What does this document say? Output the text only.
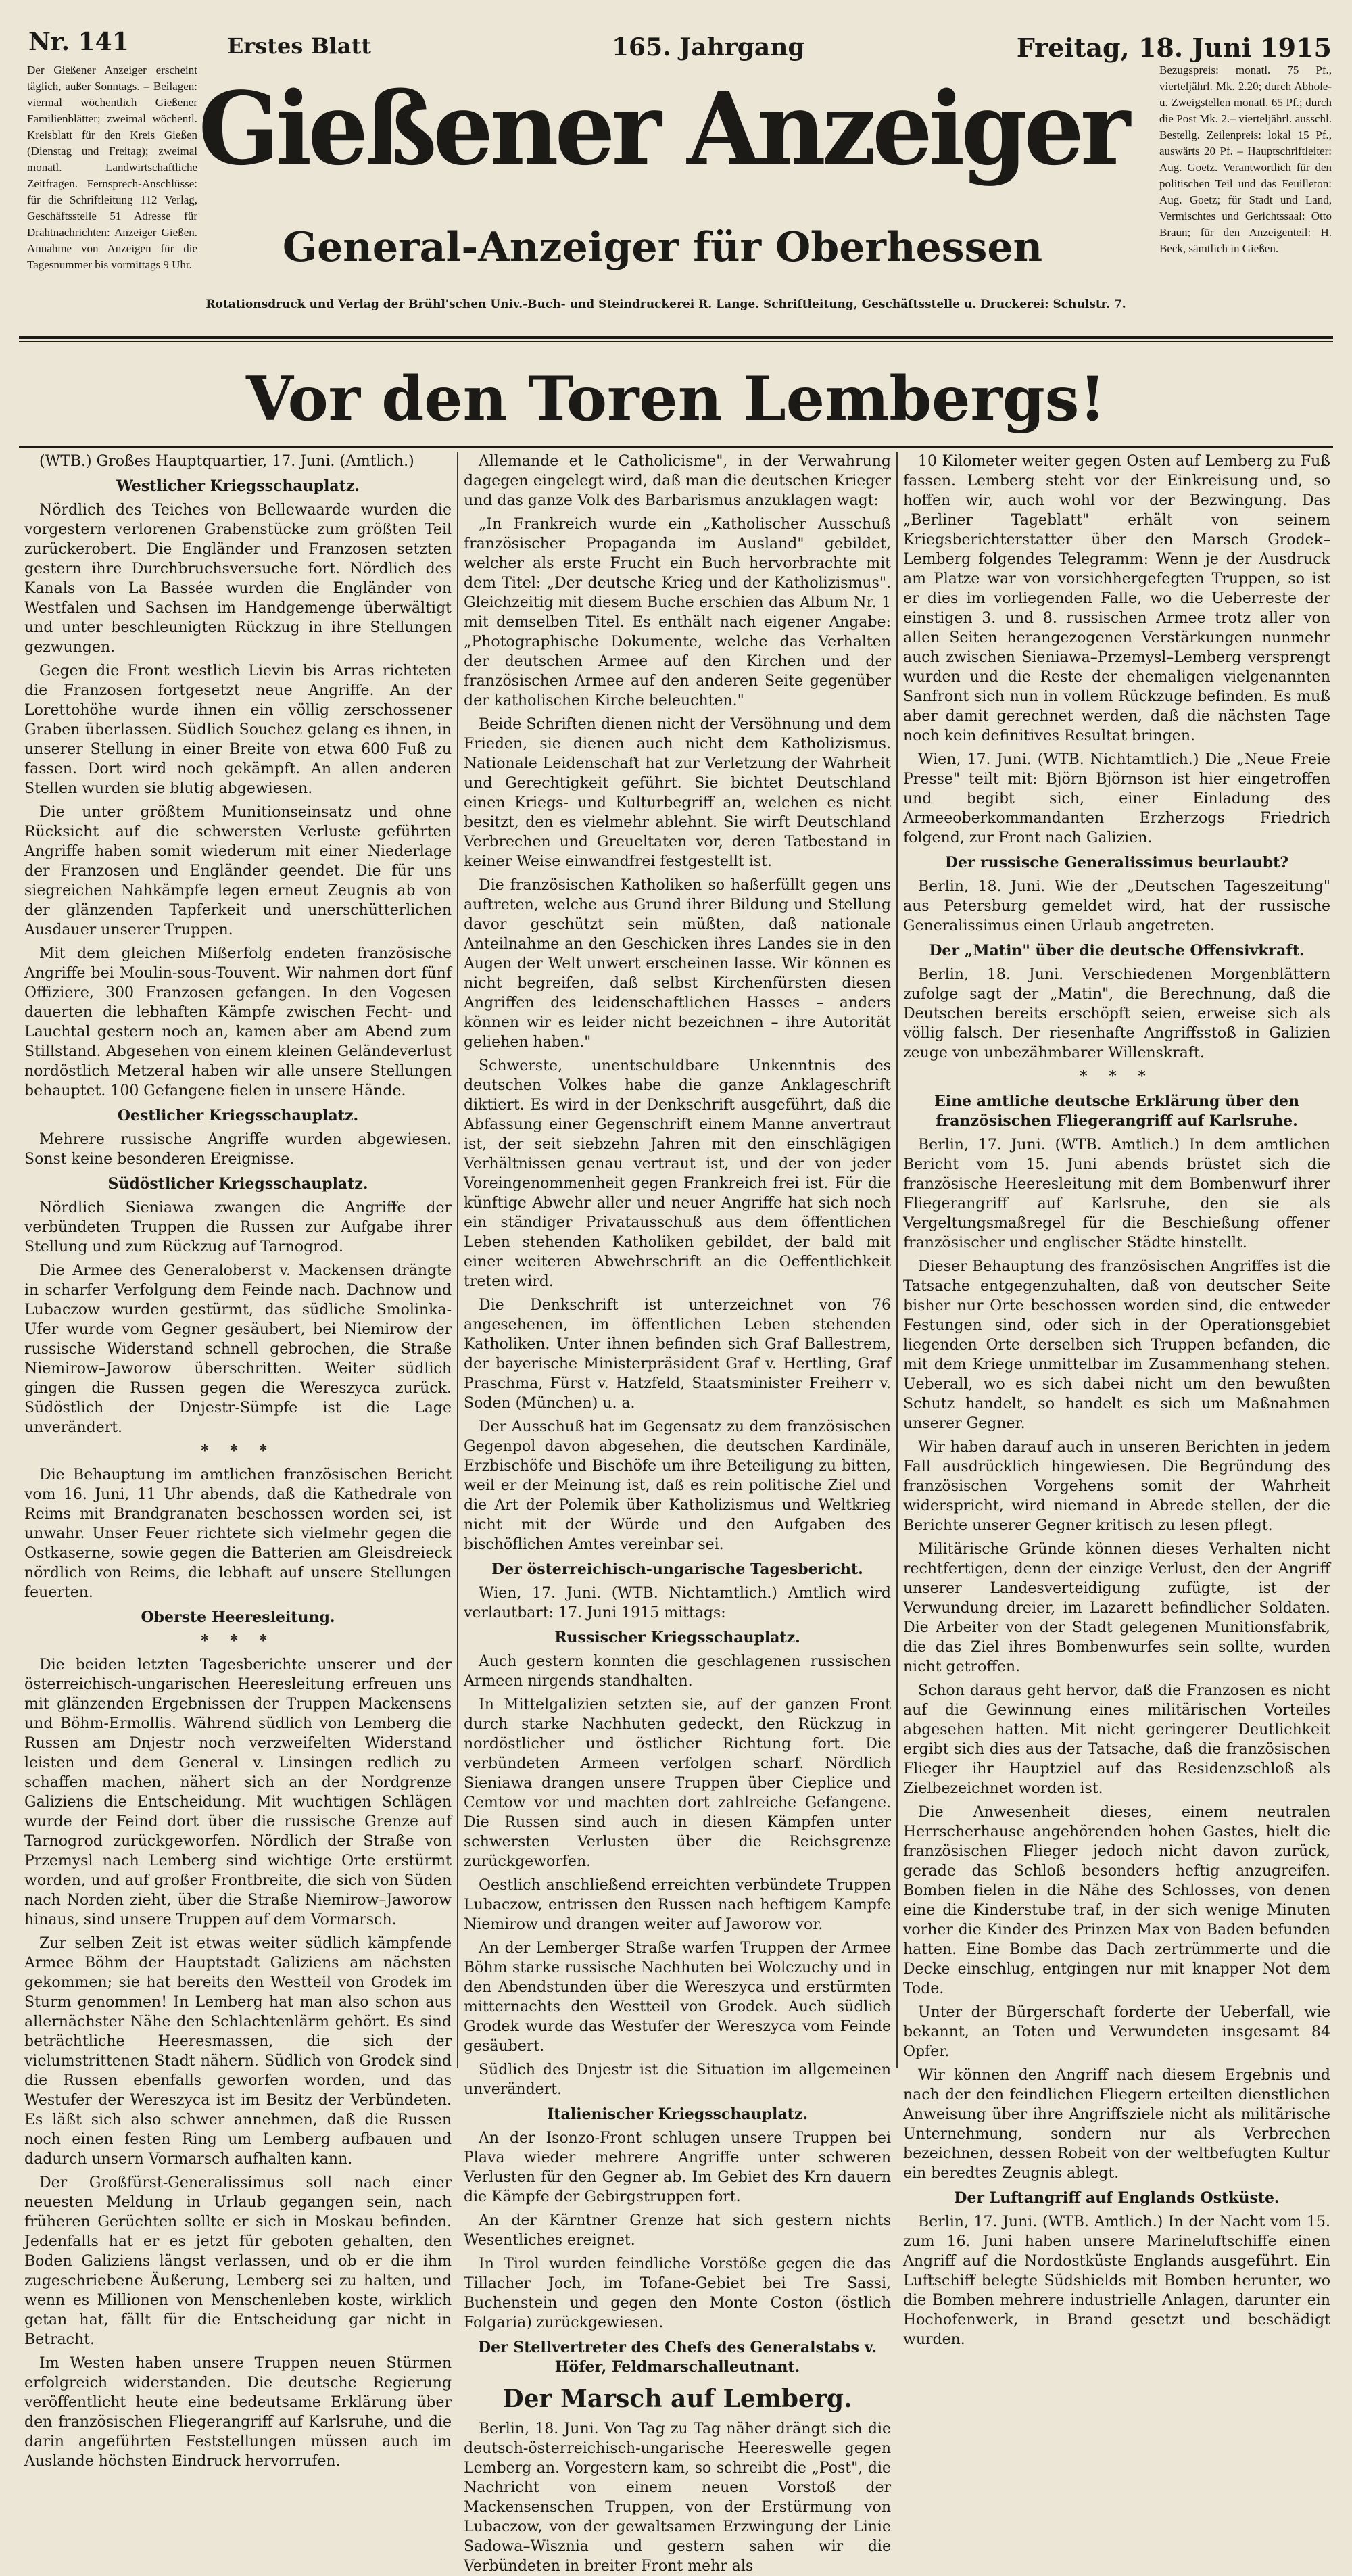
Nr. 141	Erstes Blatt	165. Jahrgang	Freitag, 18. Juni 1915
Der Gießener Anzeiger erscheint täglich, außer Sonntags. – Beilagen: viermal wöchentlich Gießener Familienblätter; zweimal wöchentl. Kreisblatt für den Kreis Gießen (Dienstag und Freitag); zweimal monatl. Landwirtschaftliche Zeitfragen. Fernsprech-Anschlüsse: für die Schriftleitung 112 Verlag, Geschäftsstelle 51 Adresse für Drahtnachrichten: Anzeiger Gießen. Annahme von Anzeigen für die Tagesnummer bis vormittags 9 Uhr.
Gießener Anzeiger
General-Anzeiger für Oberhessen
Bezugspreis: monatl. 75 Pf., vierteljährl. Mk. 2.20; durch Abhole- u. Zweigstellen monatl. 65 Pf.; durch die Post Mk. 2.– vierteljährl. ausschl. Bestellg. Zeilenpreis: lokal 15 Pf., auswärts 20 Pf. – Hauptschriftleiter: Aug. Goetz. Verantwortlich für den politischen Teil und das Feuilleton: Aug. Goetz; für Stadt und Land, Vermischtes und Gerichtssaal: Otto Braun; für den Anzeigenteil: H. Beck, sämtlich in Gießen.
Rotationsdruck und Verlag der Brühl'schen Univ.-Buch- und Steindruckerei R. Lange. Schriftleitung, Geschäftsstelle u. Druckerei: Schulstr. 7.
Vor den Toren Lembergs!

(WTB.) Großes Hauptquartier, 17. Juni. (Amtlich.)

Westlicher Kriegsschauplatz.

Nördlich des Teiches von Bellewaarde wurden die vorgestern verlorenen Grabenstücke zum größten Teil zurückerobert. Die Engländer und Franzosen setzten gestern ihre Durchbruchsversuche fort. Nördlich des Kanals von La Bassée wurden die Engländer von Westfalen und Sachsen im Handgemenge überwältigt und unter beschleunigten Rückzug in ihre Stellungen gezwungen.

Gegen die Front westlich Lievin bis Arras richteten die Franzosen fortgesetzt neue Angriffe. An der Lorettohöhe wurde ihnen ein völlig zerschossener Graben überlassen. Südlich Souchez gelang es ihnen, in unserer Stellung in einer Breite von etwa 600 Fuß zu fassen. Dort wird noch gekämpft. An allen anderen Stellen wurden sie blutig abgewiesen.

Die unter größtem Munitionseinsatz und ohne Rücksicht auf die schwersten Verluste geführten Angriffe haben somit wiederum mit einer Niederlage der Franzosen und Engländer geendet. Die für uns siegreichen Nahkämpfe legen erneut Zeugnis ab von der glänzenden Tapferkeit und unerschütterlichen Ausdauer unserer Truppen.

Mit dem gleichen Mißerfolg endeten französische Angriffe bei Moulin-sous-Touvent. Wir nahmen dort fünf Offiziere, 300 Franzosen gefangen. In den Vogesen dauerten die lebhaften Kämpfe zwischen Fecht- und Lauchtal gestern noch an, kamen aber am Abend zum Stillstand. Abgesehen von einem kleinen Geländeverlust nordöstlich Metzeral haben wir alle unsere Stellungen behauptet. 100 Gefangene fielen in unsere Hände.

Oestlicher Kriegsschauplatz.

Mehrere russische Angriffe wurden abgewiesen. Sonst keine besonderen Ereignisse.

Südöstlicher Kriegsschauplatz.

Nördlich Sieniawa zwangen die Angriffe der verbündeten Truppen die Russen zur Aufgabe ihrer Stellung und zum Rückzug auf Tarnogrod.

Die Armee des Generaloberst v. Mackensen drängte in scharfer Verfolgung dem Feinde nach. Dachnow und Lubaczow wurden gestürmt, das südliche Smolinka-Ufer wurde vom Gegner gesäubert, bei Niemirow der russische Widerstand schnell gebrochen, die Straße Niemirow–Jaworow überschritten. Weiter südlich gingen die Russen gegen die Wereszyca zurück. Südöstlich der Dnjestr-Sümpfe ist die Lage unverändert.

* * *

Die Behauptung im amtlichen französischen Bericht vom 16. Juni, 11 Uhr abends, daß die Kathedrale von Reims mit Brandgranaten beschossen worden sei, ist unwahr. Unser Feuer richtete sich vielmehr gegen die Ostkaserne, sowie gegen die Batterien am Gleisdreieck nördlich von Reims, die lebhaft auf unsere Stellungen feuerten.

Oberste Heeresleitung.
* * *

Die beiden letzten Tagesberichte unserer und der österreichisch-ungarischen Heeresleitung erfreuen uns mit glänzenden Ergebnissen der Truppen Mackensens und Böhm-Ermollis. Während südlich von Lemberg die Russen am Dnjestr noch verzweifelten Widerstand leisten und dem General v. Linsingen redlich zu schaffen machen, nähert sich an der Nordgrenze Galiziens die Entscheidung. Mit wuchtigen Schlägen wurde der Feind dort über die russische Grenze auf Tarnogrod zurückgeworfen. Nördlich der Straße von Przemysl nach Lemberg sind wichtige Orte erstürmt worden, und auf großer Frontbreite, die sich von Süden nach Norden zieht, über die Straße Niemirow–Jaworow hinaus, sind unsere Truppen auf dem Vormarsch.

Zur selben Zeit ist etwas weiter südlich kämpfende Armee Böhm der Hauptstadt Galiziens am nächsten gekommen; sie hat bereits den Westteil von Grodek im Sturm genommen! In Lemberg hat man also schon aus allernächster Nähe den Schlachtenlärm gehört. Es sind beträchtliche Heeresmassen, die sich der vielumstrittenen Stadt nähern. Südlich von Grodek sind die Russen ebenfalls geworfen worden, und das Westufer der Wereszyca ist im Besitz der Verbündeten. Es läßt sich also schwer annehmen, daß die Russen noch einen festen Ring um Lemberg aufbauen und dadurch unsern Vormarsch aufhalten kann.

Der Großfürst-Generalissimus soll nach einer neuesten Meldung in Urlaub gegangen sein, nach früheren Gerüchten sollte er sich in Moskau befinden. Jedenfalls hat er es jetzt für geboten gehalten, den Boden Galiziens längst verlassen, und ob er die ihm zugeschriebene Äußerung, Lemberg sei zu halten, und wenn es Millionen von Menschenleben koste, wirklich getan hat, fällt für die Entscheidung gar nicht in Betracht.

Im Westen haben unsere Truppen neuen Stürmen erfolgreich widerstanden. Die deutsche Regierung veröffentlicht heute eine bedeutsame Erklärung über den französischen Fliegerangriff auf Karlsruhe, und die darin angeführten Feststellungen müssen auch im Auslande höchsten Eindruck hervorrufen.

Allemande et le Catholicisme", in der Verwahrung dagegen eingelegt wird, daß man die deutschen Krieger und das ganze Volk des Barbarismus anzuklagen wagt:

„In Frankreich wurde ein „Katholischer Ausschuß französischer Propaganda im Ausland" gebildet, welcher als erste Frucht ein Buch hervorbrachte mit dem Titel: „Der deutsche Krieg und der Katholizismus". Gleichzeitig mit diesem Buche erschien das Album Nr. 1 mit demselben Titel. Es enthält nach eigener Angabe: „Photographische Dokumente, welche das Verhalten der deutschen Armee auf den Kirchen und der französischen Armee auf den anderen Seite gegenüber der katholischen Kirche beleuchten."

Beide Schriften dienen nicht der Versöhnung und dem Frieden, sie dienen auch nicht dem Katholizismus. Nationale Leidenschaft hat zur Verletzung der Wahrheit und Gerechtigkeit geführt. Sie bichtet Deutschland einen Kriegs- und Kulturbegriff an, welchen es nicht besitzt, den es vielmehr ablehnt. Sie wirft Deutschland Verbrechen und Greueltaten vor, deren Tatbestand in keiner Weise einwandfrei festgestellt ist.

Die französischen Katholiken so haßerfüllt gegen uns auftreten, welche aus Grund ihrer Bildung und Stellung davor geschützt sein müßten, daß nationale Anteilnahme an den Geschicken ihres Landes sie in den Augen der Welt unwert erscheinen lasse. Wir können es nicht begreifen, daß selbst Kirchenfürsten diesen Angriffen des leidenschaftlichen Hasses – anders können wir es leider nicht bezeichnen – ihre Autorität geliehen haben."

Schwerste, unentschuldbare Unkenntnis des deutschen Volkes habe die ganze Anklageschrift diktiert. Es wird in der Denkschrift ausgeführt, daß die Abfassung einer Gegenschrift einem Manne anvertraut ist, der seit siebzehn Jahren mit den einschlägigen Verhältnissen genau vertraut ist, und der von jeder Voreingenommenheit gegen Frankreich frei ist. Für die künftige Abwehr aller und neuer Angriffe hat sich noch ein ständiger Privatausschuß aus dem öffentlichen Leben stehenden Katholiken gebildet, der bald mit einer weiteren Abwehrschrift an die Oeffentlichkeit treten wird.

Die Denkschrift ist unterzeichnet von 76 angesehenen, im öffentlichen Leben stehenden Katholiken. Unter ihnen befinden sich Graf Ballestrem, der bayerische Ministerpräsident Graf v. Hertling, Graf Praschma, Fürst v. Hatzfeld, Staatsminister Freiherr v. Soden (München) u. a.

Der Ausschuß hat im Gegensatz zu dem französischen Gegenpol davon abgesehen, die deutschen Kardinäle, Erzbischöfe und Bischöfe um ihre Beteiligung zu bitten, weil er der Meinung ist, daß es rein politische Ziel und die Art der Polemik über Katholizismus und Weltkrieg nicht mit der Würde und den Aufgaben des bischöflichen Amtes vereinbar sei.

Der österreichisch-ungarische Tagesbericht.

Wien, 17. Juni. (WTB. Nichtamtlich.) Amtlich wird verlautbart: 17. Juni 1915 mittags:

Russischer Kriegsschauplatz.

Auch gestern konnten die geschlagenen russischen Armeen nirgends standhalten.

In Mittelgalizien setzten sie, auf der ganzen Front durch starke Nachhuten gedeckt, den Rückzug in nordöstlicher und östlicher Richtung fort. Die verbündeten Armeen verfolgen scharf. Nördlich Sieniawa drangen unsere Truppen über Cieplice und Cemtow vor und machten dort zahlreiche Gefangene. Die Russen sind auch in diesen Kämpfen unter schwersten Verlusten über die Reichsgrenze zurückgeworfen.

Oestlich anschließend erreichten verbündete Truppen Lubaczow, entrissen den Russen nach heftigem Kampfe Niemirow und drangen weiter auf Jaworow vor.

An der Lemberger Straße warfen Truppen der Armee Böhm starke russische Nachhuten bei Wolczuchy und in den Abendstunden über die Wereszyca und erstürmten mitternachts den Westteil von Grodek. Auch südlich Grodek wurde das Westufer der Wereszyca vom Feinde gesäubert.

Südlich des Dnjestr ist die Situation im allgemeinen unverändert.

Italienischer Kriegsschauplatz.

An der Isonzo-Front schlugen unsere Truppen bei Plava wieder mehrere Angriffe unter schweren Verlusten für den Gegner ab. Im Gebiet des Krn dauern die Kämpfe der Gebirgstruppen fort.

An der Kärntner Grenze hat sich gestern nichts Wesentliches ereignet.

In Tirol wurden feindliche Vorstöße gegen die das Tillacher Joch, im Tofane-Gebiet bei Tre Sassi, Buchenstein und gegen den Monte Coston (östlich Folgaria) zurückgewiesen.

Der Stellvertreter des Chefs des Generalstabs v. Höfer, Feldmarschalleutnant.
Der Marsch auf Lemberg.

Berlin, 18. Juni. Von Tag zu Tag näher drängt sich die deutsch-österreichisch-ungarische Heereswelle gegen Lemberg an. Vorgestern kam, so schreibt die „Post", die Nachricht von einem neuen Vorstoß der Mackensenschen Truppen, von der Erstürmung von Lubaczow, von der gewaltsamen Erzwingung der Linie Sadowa–Wisznia und gestern sahen wir die Verbündeten in breiter Front mehr als

10 Kilometer weiter gegen Osten auf Lemberg zu Fuß fassen. Lemberg steht vor der Einkreisung und, so hoffen wir, auch wohl vor der Bezwingung. Das „Berliner Tageblatt" erhält von seinem Kriegsberichterstatter über den Marsch Grodek–Lemberg folgendes Telegramm: Wenn je der Ausdruck am Platze war von vorsichhergefegten Truppen, so ist er dies im vorliegenden Falle, wo die Ueberreste der einstigen 3. und 8. russischen Armee trotz aller von allen Seiten herangezogenen Verstärkungen nunmehr auch zwischen Sieniawa–Przemysl–Lemberg versprengt wurden und die Reste der ehemaligen vielgenannten Sanfront sich nun in vollem Rückzuge befinden. Es muß aber damit gerechnet werden, daß die nächsten Tage noch kein definitives Resultat bringen.

Wien, 17. Juni. (WTB. Nichtamtlich.) Die „Neue Freie Presse" teilt mit: Björn Björnson ist hier eingetroffen und begibt sich, einer Einladung des Armeeoberkommandanten Erzherzogs Friedrich folgend, zur Front nach Galizien.

Der russische Generalissimus beurlaubt?

Berlin, 18. Juni. Wie der „Deutschen Tageszeitung" aus Petersburg gemeldet wird, hat der russische Generalissimus einen Urlaub angetreten.

Der „Matin" über die deutsche Offensivkraft.

Berlin, 18. Juni. Verschiedenen Morgenblättern zufolge sagt der „Matin", die Berechnung, daß die Deutschen bereits erschöpft seien, erweise sich als völlig falsch. Der riesenhafte Angriffsstoß in Galizien zeuge von unbezähmbarer Willenskraft.

* * *
Eine amtliche deutsche Erklärung über den französischen Fliegerangriff auf Karlsruhe.

Berlin, 17. Juni. (WTB. Amtlich.) In dem amtlichen Bericht vom 15. Juni abends brüstet sich die französische Heeresleitung mit dem Bombenwurf ihrer Fliegerangriff auf Karlsruhe, den sie als Vergeltungsmaßregel für die Beschießung offener französischer und englischer Städte hinstellt.

Dieser Behauptung des französischen Angriffes ist die Tatsache entgegenzuhalten, daß von deutscher Seite bisher nur Orte beschossen worden sind, die entweder Festungen sind, oder sich in der Operationsgebiet liegenden Orte derselben sich Truppen befanden, die mit dem Kriege unmittelbar im Zusammenhang stehen. Ueberall, wo es sich dabei nicht um den bewußten Schutz handelt, so handelt es sich um Maßnahmen unserer Gegner.

Wir haben darauf auch in unseren Berichten in jedem Fall ausdrücklich hingewiesen. Die Begründung des französischen Vorgehens somit der Wahrheit widerspricht, wird niemand in Abrede stellen, der die Berichte unserer Gegner kritisch zu lesen pflegt.

Militärische Gründe können dieses Verhalten nicht rechtfertigen, denn der einzige Verlust, den der Angriff unserer Landesverteidigung zufügte, ist der Verwundung dreier, im Lazarett befindlicher Soldaten. Die Arbeiter von der Stadt gelegenen Munitionsfabrik, die das Ziel ihres Bombenwurfes sein sollte, wurden nicht getroffen.

Schon daraus geht hervor, daß die Franzosen es nicht auf die Gewinnung eines militärischen Vorteiles abgesehen hatten. Mit nicht geringerer Deutlichkeit ergibt sich dies aus der Tatsache, daß die französischen Flieger ihr Hauptziel auf das Residenzschloß als Zielbezeichnet worden ist.

Die Anwesenheit dieses, einem neutralen Herrscherhause angehörenden hohen Gastes, hielt die französischen Flieger jedoch nicht davon zurück, gerade das Schloß besonders heftig anzugreifen. Bomben fielen in die Nähe des Schlosses, von denen eine die Kinderstube traf, in der sich wenige Minuten vorher die Kinder des Prinzen Max von Baden befunden hatten. Eine Bombe das Dach zertrümmerte und die Decke einschlug, entgingen nur mit knapper Not dem Tode.

Unter der Bürgerschaft forderte der Ueberfall, wie bekannt, an Toten und Verwundeten insgesamt 84 Opfer.

Wir können den Angriff nach diesem Ergebnis und nach der den feindlichen Fliegern erteilten dienstlichen Anweisung über ihre Angriffsziele nicht als militärische Unternehmung, sondern nur als Verbrechen bezeichnen, dessen Robeit von der weltbefugten Kultur ein beredtes Zeugnis ablegt.

Der Luftangriff auf Englands Ostküste.

Berlin, 17. Juni. (WTB. Amtlich.) In der Nacht vom 15. zum 16. Juni haben unsere Marineluftschiffe einen Angriff auf die Nordostküste Englands ausgeführt. Ein Luftschiff belegte Südshields mit Bomben herunter, wo die Bomben mehrere industrielle Anlagen, darunter ein Hochofenwerk, in Brand gesetzt und beschädigt wurden.
